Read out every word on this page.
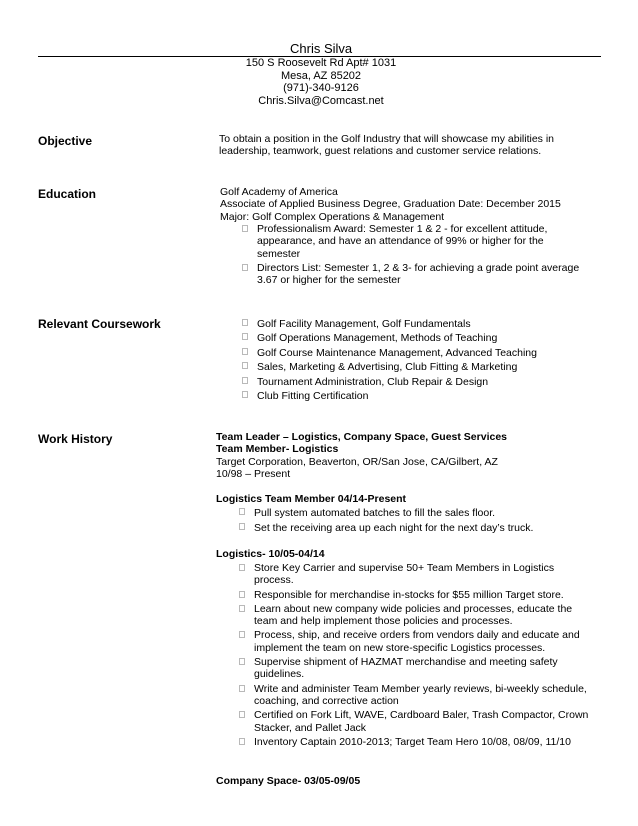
Chris Silva
150 S Roosevelt Rd Apt# 1031
Mesa, AZ 85202
(971)-340-9126
Chris.Silva@Comcast.net
Objective	To obtain a position in the Golf Industry that will showcase my abilities in
leadership, teamwork, guest relations and customer service relations.
Education	Golf Academy of America
Associate of Applied Business Degree, Graduation Date: December 2015
Major: Golf Complex Operations & Management
Professionalism Award: Semester 1 & 2 - for excellent attitude,
appearance, and have an attendance of 99% or higher for the
semester
Directors List: Semester 1, 2 & 3- for achieving a grade point average
3.67 or higher for the semester
Relevant Coursework	Golf Facility Management, Golf Fundamentals
Golf Operations Management, Methods of Teaching
Golf Course Maintenance Management, Advanced Teaching
Sales, Marketing & Advertising, Club Fitting & Marketing
Tournament Administration, Club Repair & Design
Club Fitting Certification
Work History	Team Leader – Logistics, Company Space, Guest Services
Team Member- Logistics
Target Corporation, Beaverton, OR/San Jose, CA/Gilbert, AZ
10/98 – Present
Logistics Team Member 04/14-Present
Pull system automated batches to fill the sales floor.
Set the receiving area up each night for the next day’s truck.
Logistics- 10/05-04/14
Store Key Carrier and supervise 50+ Team Members in Logistics
process.
Responsible for merchandise in-stocks for $55 million Target store.
Learn about new company wide policies and processes, educate the
team and help implement those policies and processes.
Process, ship, and receive orders from vendors daily and educate and
implement the team on new store-specific Logistics processes.
Supervise shipment of HAZMAT merchandise and meeting safety
guidelines.
Write and administer Team Member yearly reviews, bi-weekly schedule,
coaching, and corrective action
Certified on Fork Lift, WAVE, Cardboard Baler, Trash Compactor, Crown
Stacker, and Pallet Jack
Inventory Captain 2010-2013; Target Team Hero 10/08, 08/09, 11/10
Company Space- 03/05-09/05
